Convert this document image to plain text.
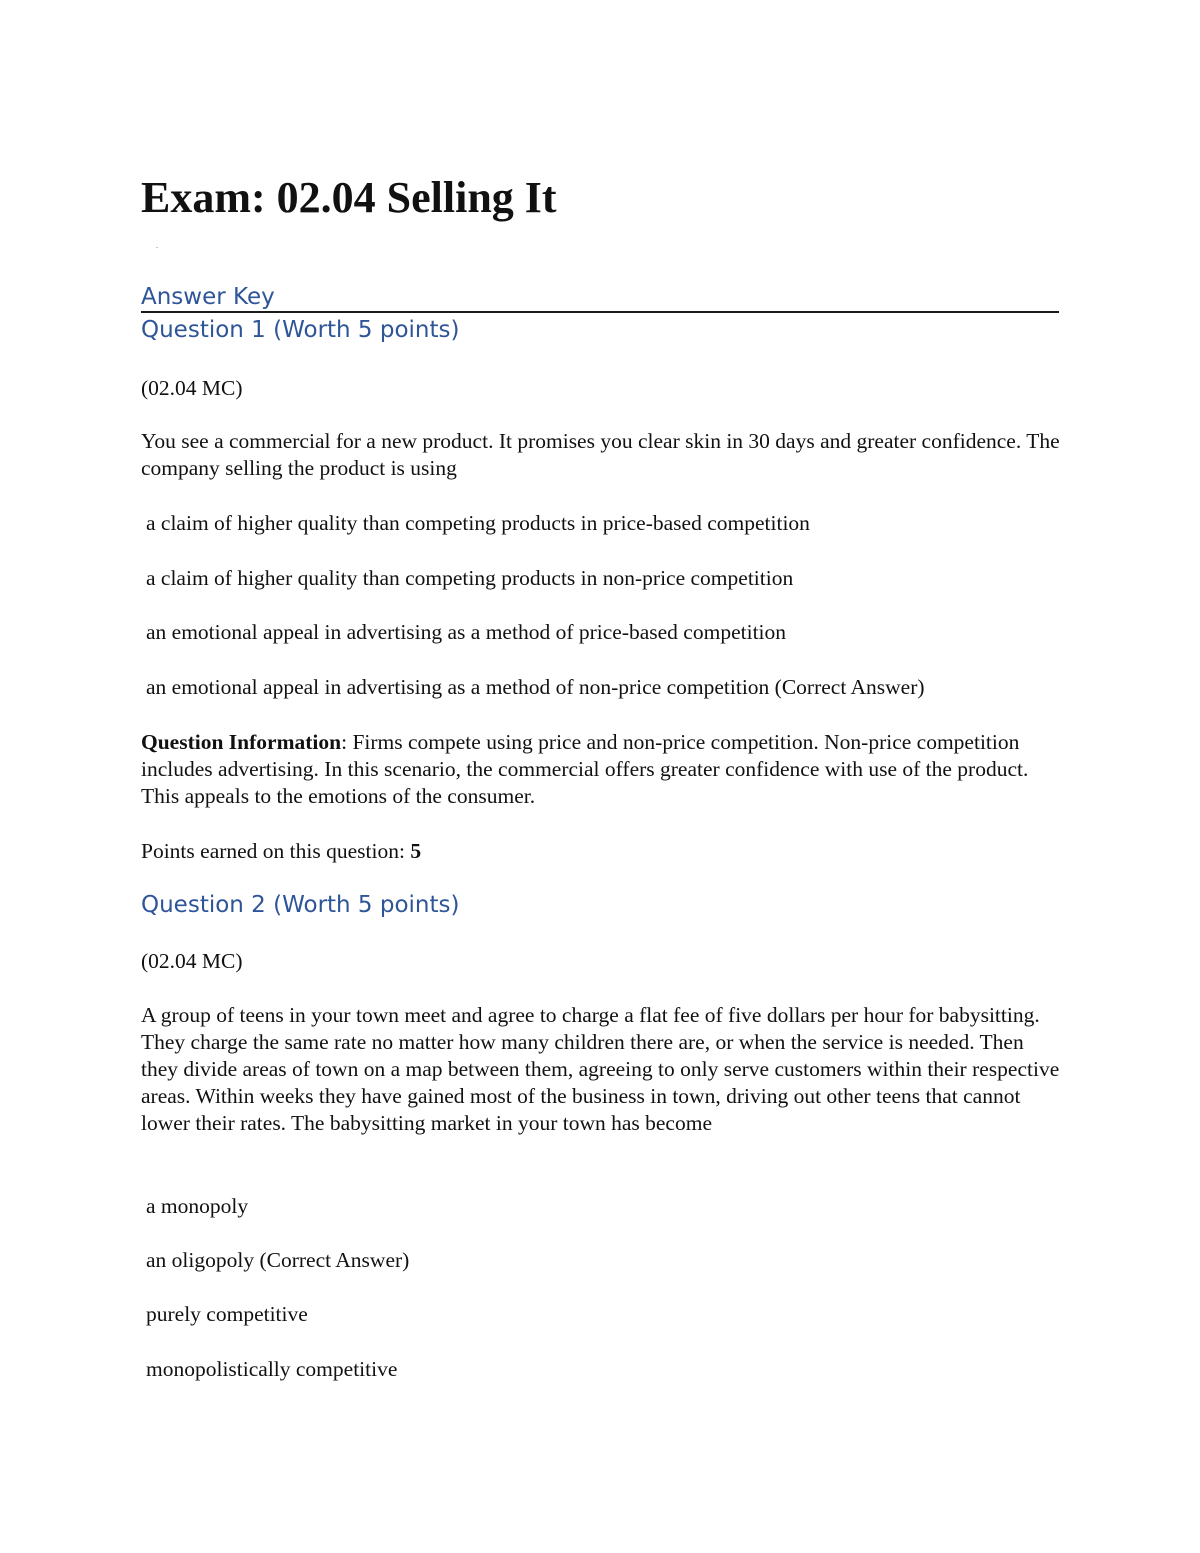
Exam: 02.04 Selling It
Answer Key
Question 1 (Worth 5 points)

(02.04 MC)

You see a commercial for a new product. It promises you clear skin in 30 days and greater confidence. The company selling the product is using

a claim of higher quality than competing products in price-based competition

a claim of higher quality than competing products in non-price competition

an emotional appeal in advertising as a method of price-based competition

an emotional appeal in advertising as a method of non-price competition (Correct Answer)

Question Information: Firms compete using price and non-price competition. Non-price competition includes advertising. In this scenario, the commercial offers greater confidence with use of the product. This appeals to the emotions of the consumer.

Points earned on this question: 5

Question 2 (Worth 5 points)

(02.04 MC)

A group of teens in your town meet and agree to charge a flat fee of five dollars per hour for babysitting. They charge the same rate no matter how many children there are, or when the service is needed. Then they divide areas of town on a map between them, agreeing to only serve customers within their respective areas. Within weeks they have gained most of the business in town, driving out other teens that cannot lower their rates. The babysitting market in your town has become

a monopoly

an oligopoly (Correct Answer)

purely competitive

monopolistically competitive
